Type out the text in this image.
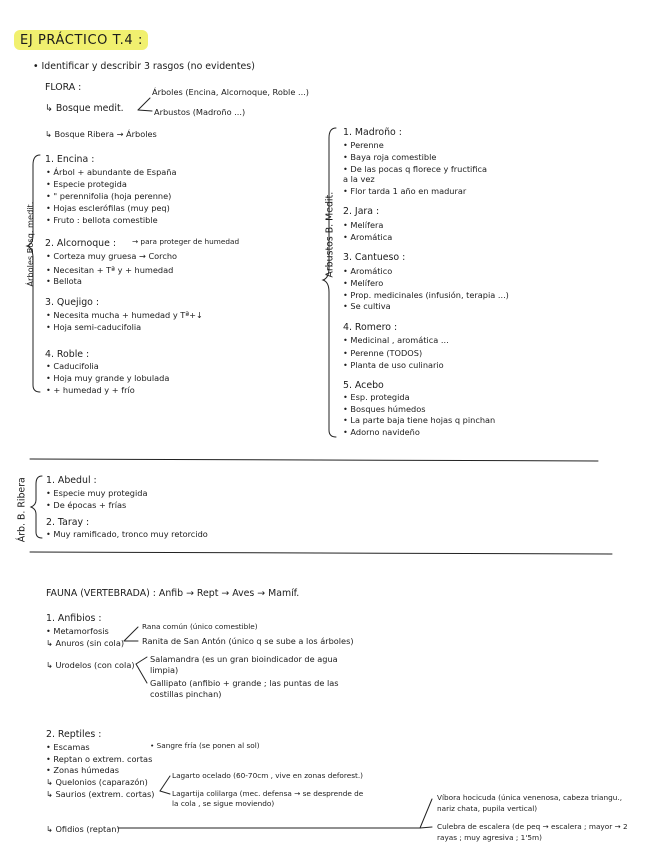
EJ PRÁCTICO T.4 :
• Identificar y describir 3 rasgos (no evidentes)
FLORA :
↳ Bosque medit.
Árboles (Encina, Alcornoque, Roble ...)
Arbustos (Madroño ...)
↳ Bosque Ribera → Árboles
1. Encina :
• Árbol + abundante de España
• Especie protegida
• " perennifolia (hoja perenne)
• Hojas esclerófilas (muy peq)
• Fruto : bellota comestible
2. Alcornoque : → para proteger de humedad
• Corteza muy gruesa → Corcho
• Necesitan + Tª y + humedad
• Bellota
3. Quejigo :
• Necesita mucha + humedad y Tª+↓
• Hoja semi-caducifolia
4. Roble :
• Caducifolia
• Hoja muy grande y lobulada
• + humedad y + frío
1. Madroño :
• Perenne
• Baya roja comestible
• De las pocas q florece y fructifica
a la vez
• Flor tarda 1 año en madurar
2. Jara :
• Melífera
• Aromática
3. Cantueso :
• Aromático
• Melífero
• Prop. medicinales (infusión, terapia ...)
• Se cultiva
4. Romero :
• Medicinal , aromática ...
• Perenne (TODOS)
• Planta de uso culinario
5. Acebo
• Esp. protegida
• Bosques húmedos
• La parte baja tiene hojas q pinchan
• Adorno navideño
Árboles Bosq. medit.	Arbustos B. Medit.
Árb. B. Ribera 1. Abedul :
• Especie muy protegida
• De épocas + frías
2. Taray :
• Muy ramificado, tronco muy retorcido
FAUNA (VERTEBRADA) : Anfib → Rept → Aves → Mamíf.
1. Anfibios :
• Metamorfosis
↳ Anuros (sin cola)
Rana común (único comestible)
Ranita de San Antón (único q se sube a los árboles)
↳ Urodelos (con cola)
Salamandra (es un gran bioindicador de agua
limpia)
Gallipato (anfibio + grande ; las puntas de las
costillas pinchan)
2. Reptiles :
• Escamas	• Sangre fría (se ponen al sol)
• Reptan o extrem. cortas
• Zonas húmedas
↳ Quelonios (caparazón)
↳ Saurios (extrem. cortas)
Lagarto ocelado (60-70cm , vive en zonas deforest.)
Lagartija colilarga (mec. defensa → se desprende de
la cola , se sigue moviendo)
↳ Ofidios (reptan)
Víbora hocicuda (única venenosa, cabeza triangu.,
nariz chata, pupila vertical)
Culebra de escalera (de peq → escalera ; mayor → 2
rayas ; muy agresiva ; 1'5m)
